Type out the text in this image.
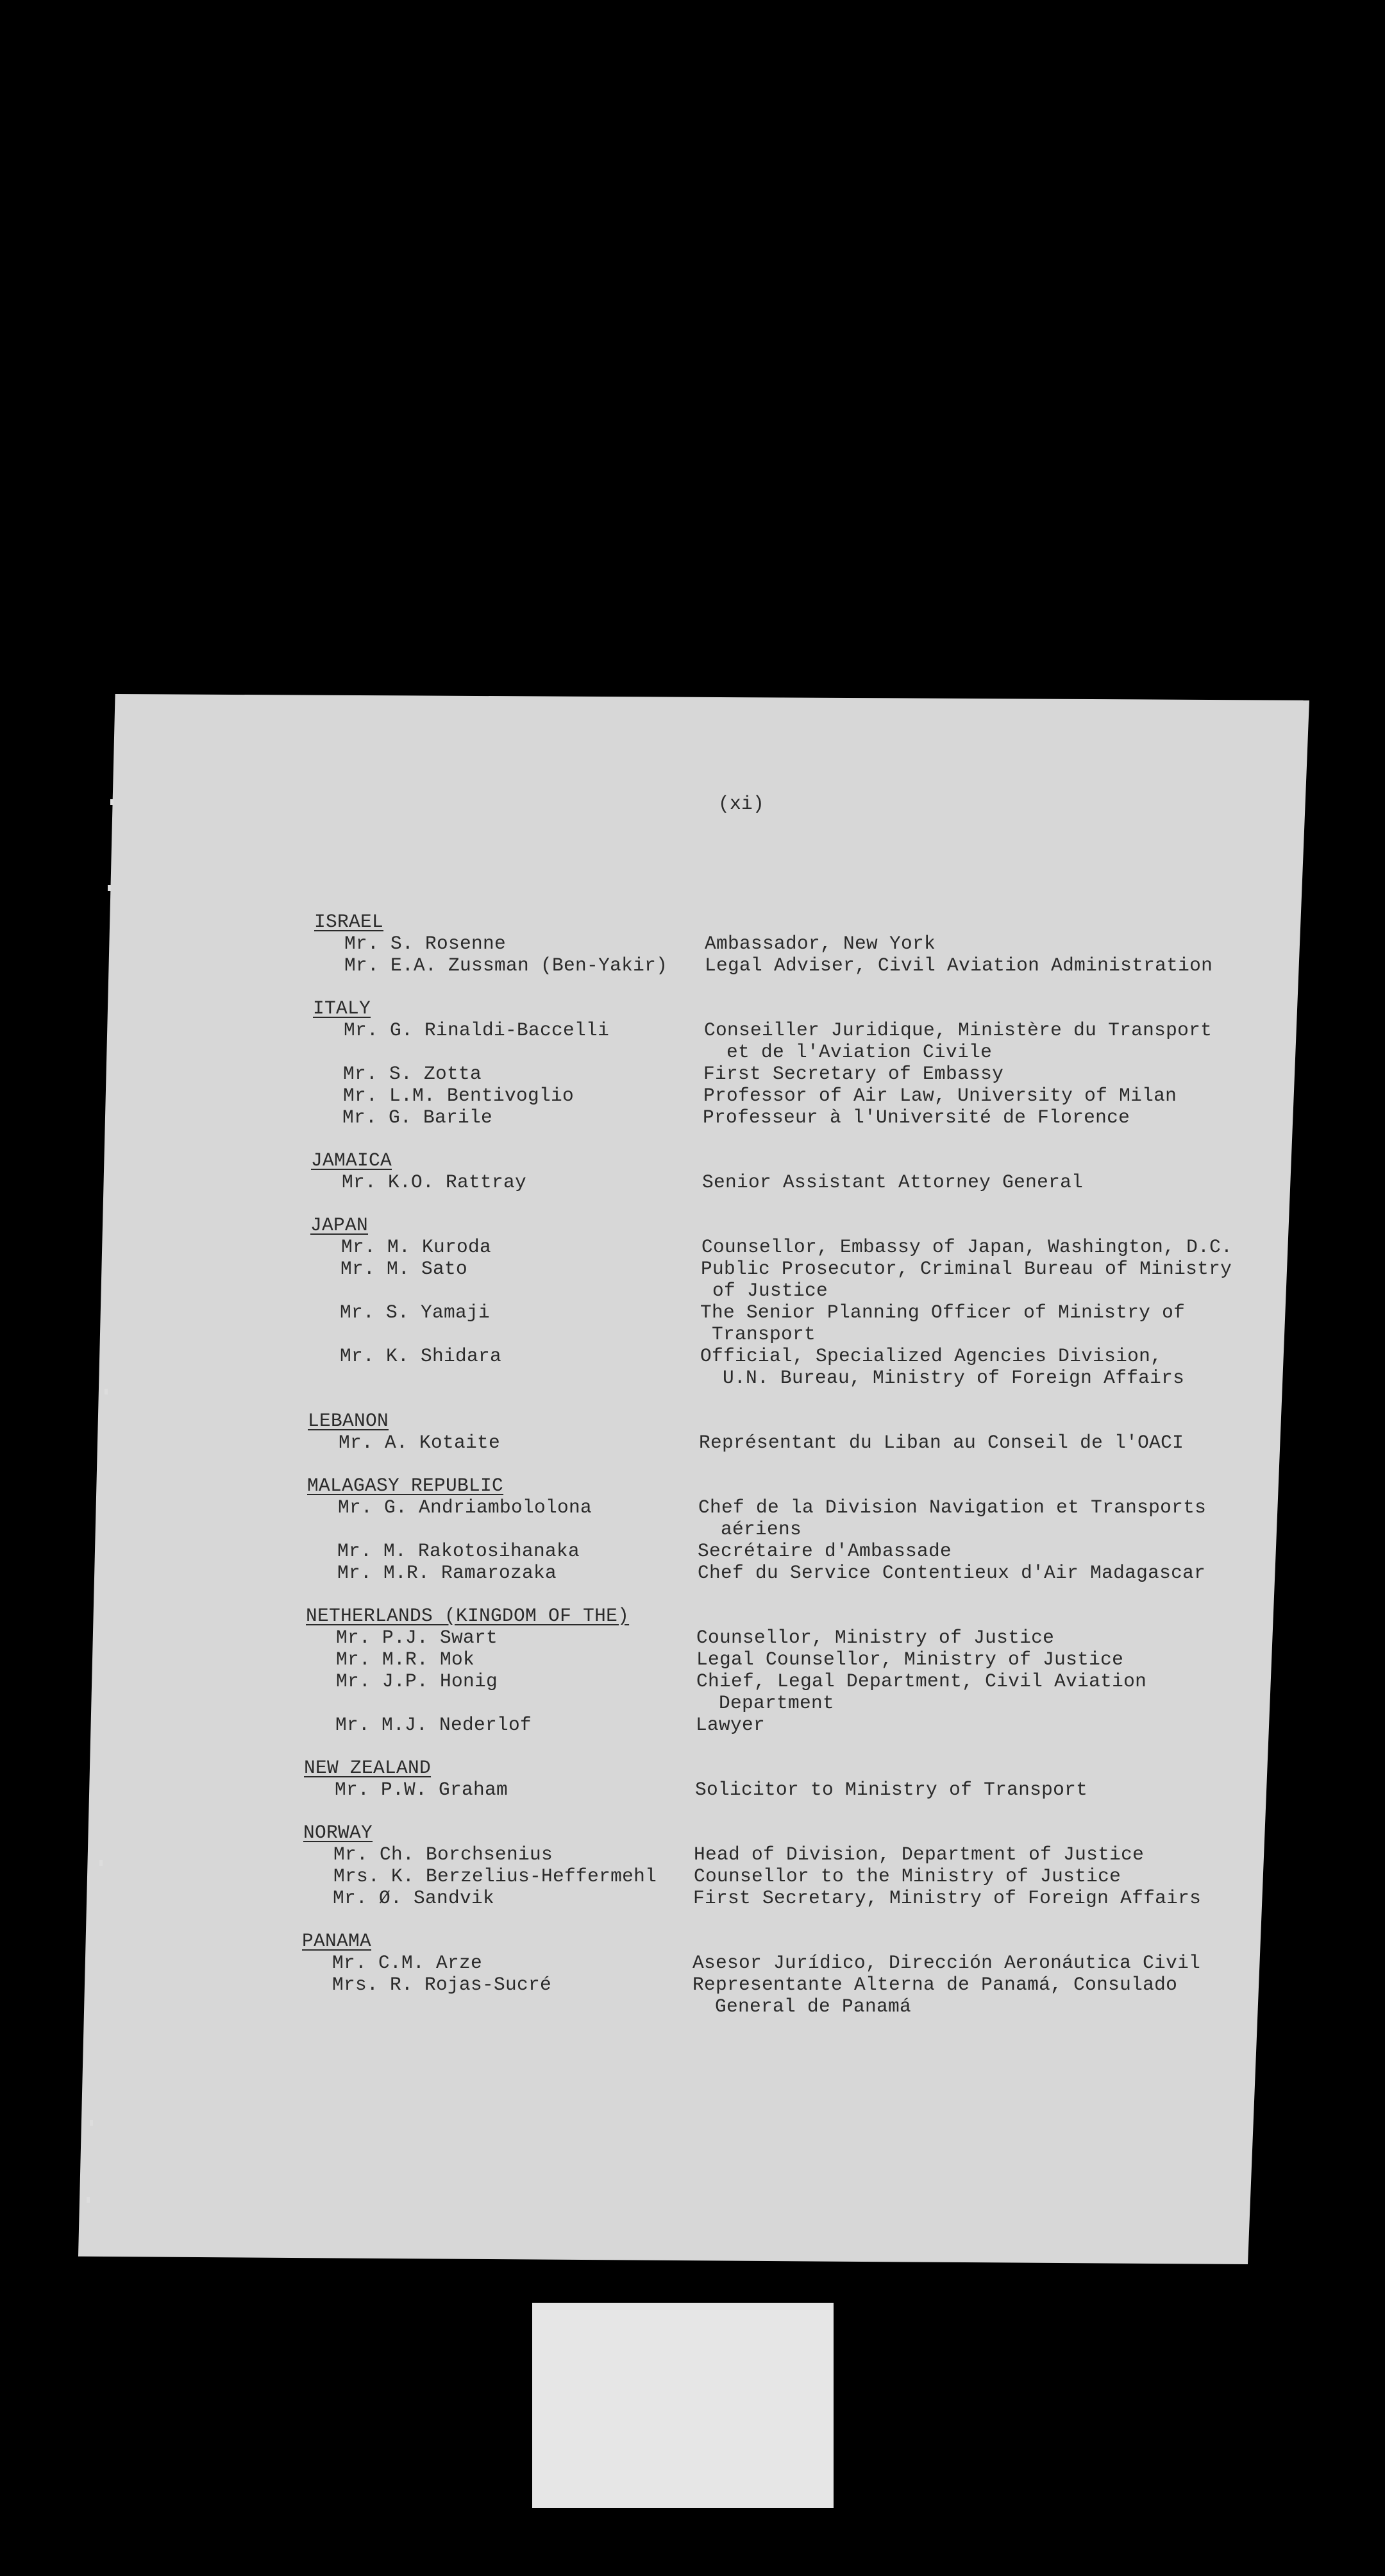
(xi)
ISRAEL
Mr. S. Rosenne	Ambassador, New York
Mr. E.A. Zussman (Ben-Yakir) Legal Adviser, Civil Aviation Administration
ITALY
Mr. G. Rinaldi-Baccelli	Conseiller Juridique, Ministère du Transport
et de l'Aviation Civile
Mr. S. Zotta	First Secretary of Embassy
Mr. L.M. Bentivoglio	Professor of Air Law, University of Milan
Mr. G. Barile	Professeur à l'Université de Florence
JAMAICA
Mr. K.O. Rattray	Senior Assistant Attorney General
JAPAN
Mr. M. Kuroda	Counsellor, Embassy of Japan, Washington, D.C.
Mr. M. Sato	Public Prosecutor, Criminal Bureau of Ministry
of Justice
Mr. S. Yamaji	The Senior Planning Officer of Ministry of
Transport
Mr. K. Shidara	Official, Specialized Agencies Division,
U.N. Bureau, Ministry of Foreign Affairs
LEBANON
Mr. A. Kotaite	Représentant du Liban au Conseil de l'OACI
MALAGASY REPUBLIC
Mr. G. Andriambololona	Chef de la Division Navigation et Transports
aériens
Mr. M. Rakotosihanaka	Secrétaire d'Ambassade
Mr. M.R. Ramarozaka	Chef du Service Contentieux d'Air Madagascar
NETHERLANDS (KINGDOM OF THE)
Mr. P.J. Swart	Counsellor, Ministry of Justice
Mr. M.R. Mok	Legal Counsellor, Ministry of Justice
Mr. J.P. Honig	Chief, Legal Department, Civil Aviation
Department
Mr. M.J. Nederlof	Lawyer
NEW ZEALAND
Mr. P.W. Graham	Solicitor to Ministry of Transport
NORWAY
Mr. Ch. Borchsenius	Head of Division, Department of Justice
Mrs. K. Berzelius-Heffermehl Counsellor to the Ministry of Justice
Mr. Ø. Sandvik	First Secretary, Ministry of Foreign Affairs
PANAMA
Mr. C.M. Arze	Asesor Jurídico, Dirección Aeronáutica Civil
Mrs. R. Rojas-Sucré	Representante Alterna de Panamá, Consulado
General de Panamá
